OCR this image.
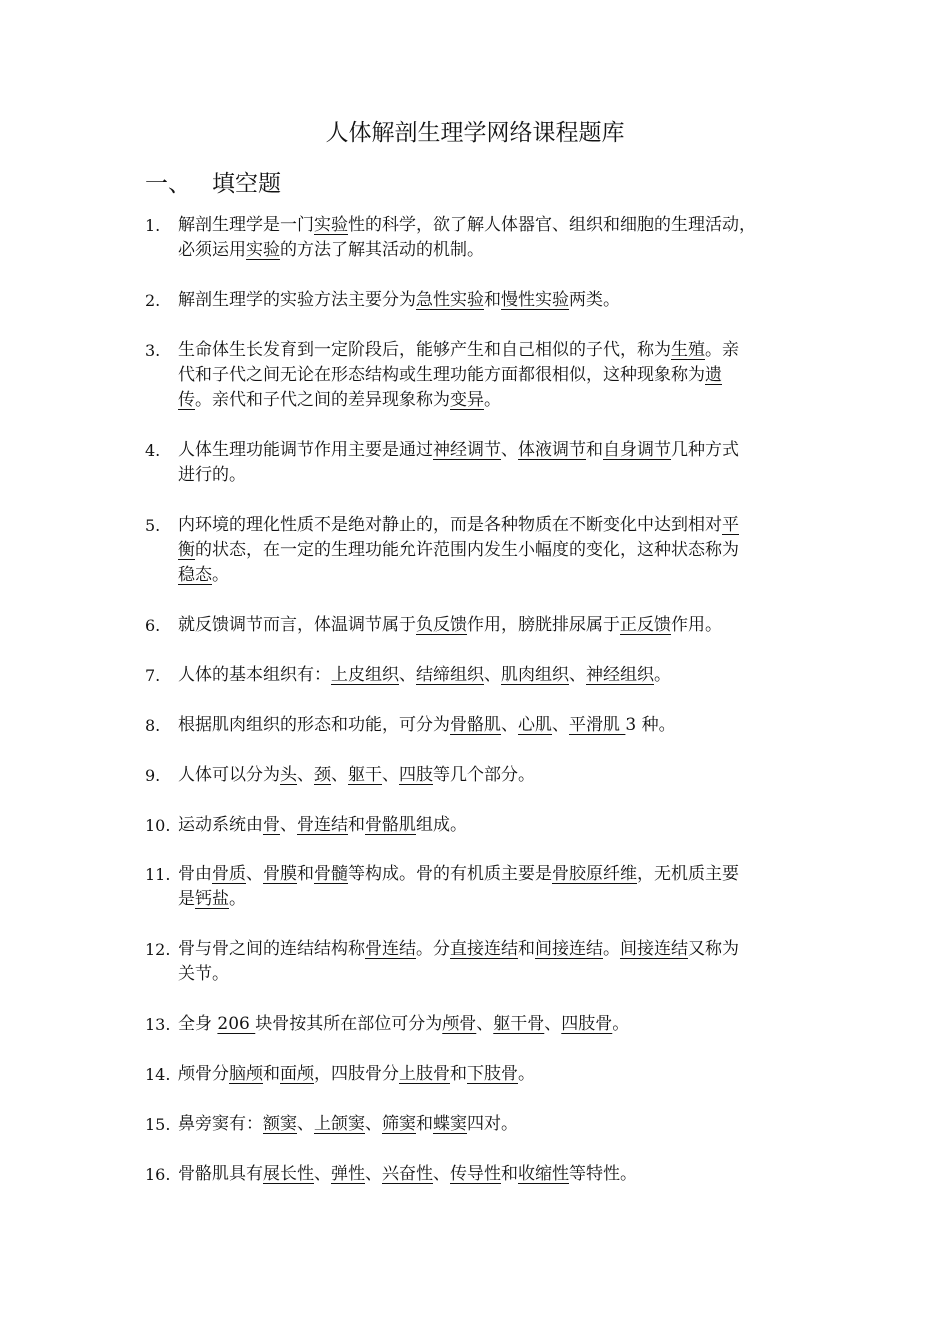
人体解剖生理学网络课程题库
一、 填空题
1.	解剖生理学是一门实验性的科学，欲了解人体器官、组织和细胞的生理活动，
必须运用实验的方法了解其活动的机制。
2.	解剖生理学的实验方法主要分为急性实验和慢性实验两类。
3.	生命体生长发育到一定阶段后，能够产生和自己相似的子代，称为生殖。亲
代和子代之间无论在形态结构或生理功能方面都很相似，这种现象称为遗
传。亲代和子代之间的差异现象称为变异。
4.	人体生理功能调节作用主要是通过神经调节、体液调节和自身调节几种方式
进行的。
5.	内环境的理化性质不是绝对静止的，而是各种物质在不断变化中达到相对平
衡的状态，在一定的生理功能允许范围内发生小幅度的变化，这种状态称为
稳态。
6.	就反馈调节而言，体温调节属于负反馈作用，膀胱排尿属于正反馈作用。
7.	人体的基本组织有：上皮组织、结缔组织、肌肉组织、神经组织。
8.	根据肌肉组织的形态和功能，可分为骨骼肌、心肌、平滑肌 3 种。
9.	人体可以分为头、颈、躯干、四肢等几个部分。
10. 运动系统由骨、骨连结和骨骼肌组成。
11. 骨由骨质、骨膜和骨髓等构成。骨的有机质主要是骨胶原纤维，无机质主要
是钙盐。
12. 骨与骨之间的连结结构称骨连结。分直接连结和间接连结。间接连结又称为
关节。
13. 全身 206 块骨按其所在部位可分为颅骨、躯干骨、四肢骨。
14. 颅骨分脑颅和面颅，四肢骨分上肢骨和下肢骨。
15. 鼻旁窦有：额窦、上颌窦、筛窦和蝶窦四对。
16. 骨骼肌具有展长性、弹性、兴奋性、传导性和收缩性等特性。
